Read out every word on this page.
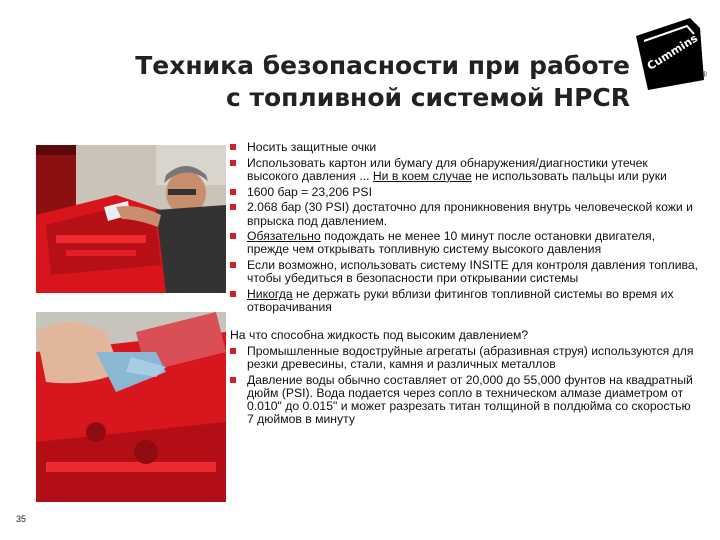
Техника безопасности при работе
с топливной системой HPCR
Cummins
®
Носить защитные очки
Использовать картон или бумагу для обнаружения/диагностики утечек высокого давления ... Ни в коем случае не использовать пальцы или руки
1600 бар = 23,206 PSI
2.068 бар (30 PSI) достаточно для проникновения внутрь человеческой кожи и впрыска под давлением.
Обязательно подождать не менее 10 минут после остановки двигателя, прежде чем открывать топливную систему высокого давления
Если возможно, использовать систему INSITE для контроля давления топлива, чтобы убедиться в безопасности при открывании системы
Никогда не держать руки вблизи фитингов топливной системы во время их отворачивания
На что способна жидкость под высоким давлением?
Промышленные водоструйные агрегаты (абразивная струя) используются для резки древесины, стали, камня и различных металлов
Давление воды обычно составляет от 20,000 до 55,000 фунтов на квадратный дюйм (PSI). Вода подается через сопло в техническом алмазе диаметром от 0.010" до 0.015" и может разрезать титан толщиной в полдюйма со скоростью 7 дюймов в минуту
35
